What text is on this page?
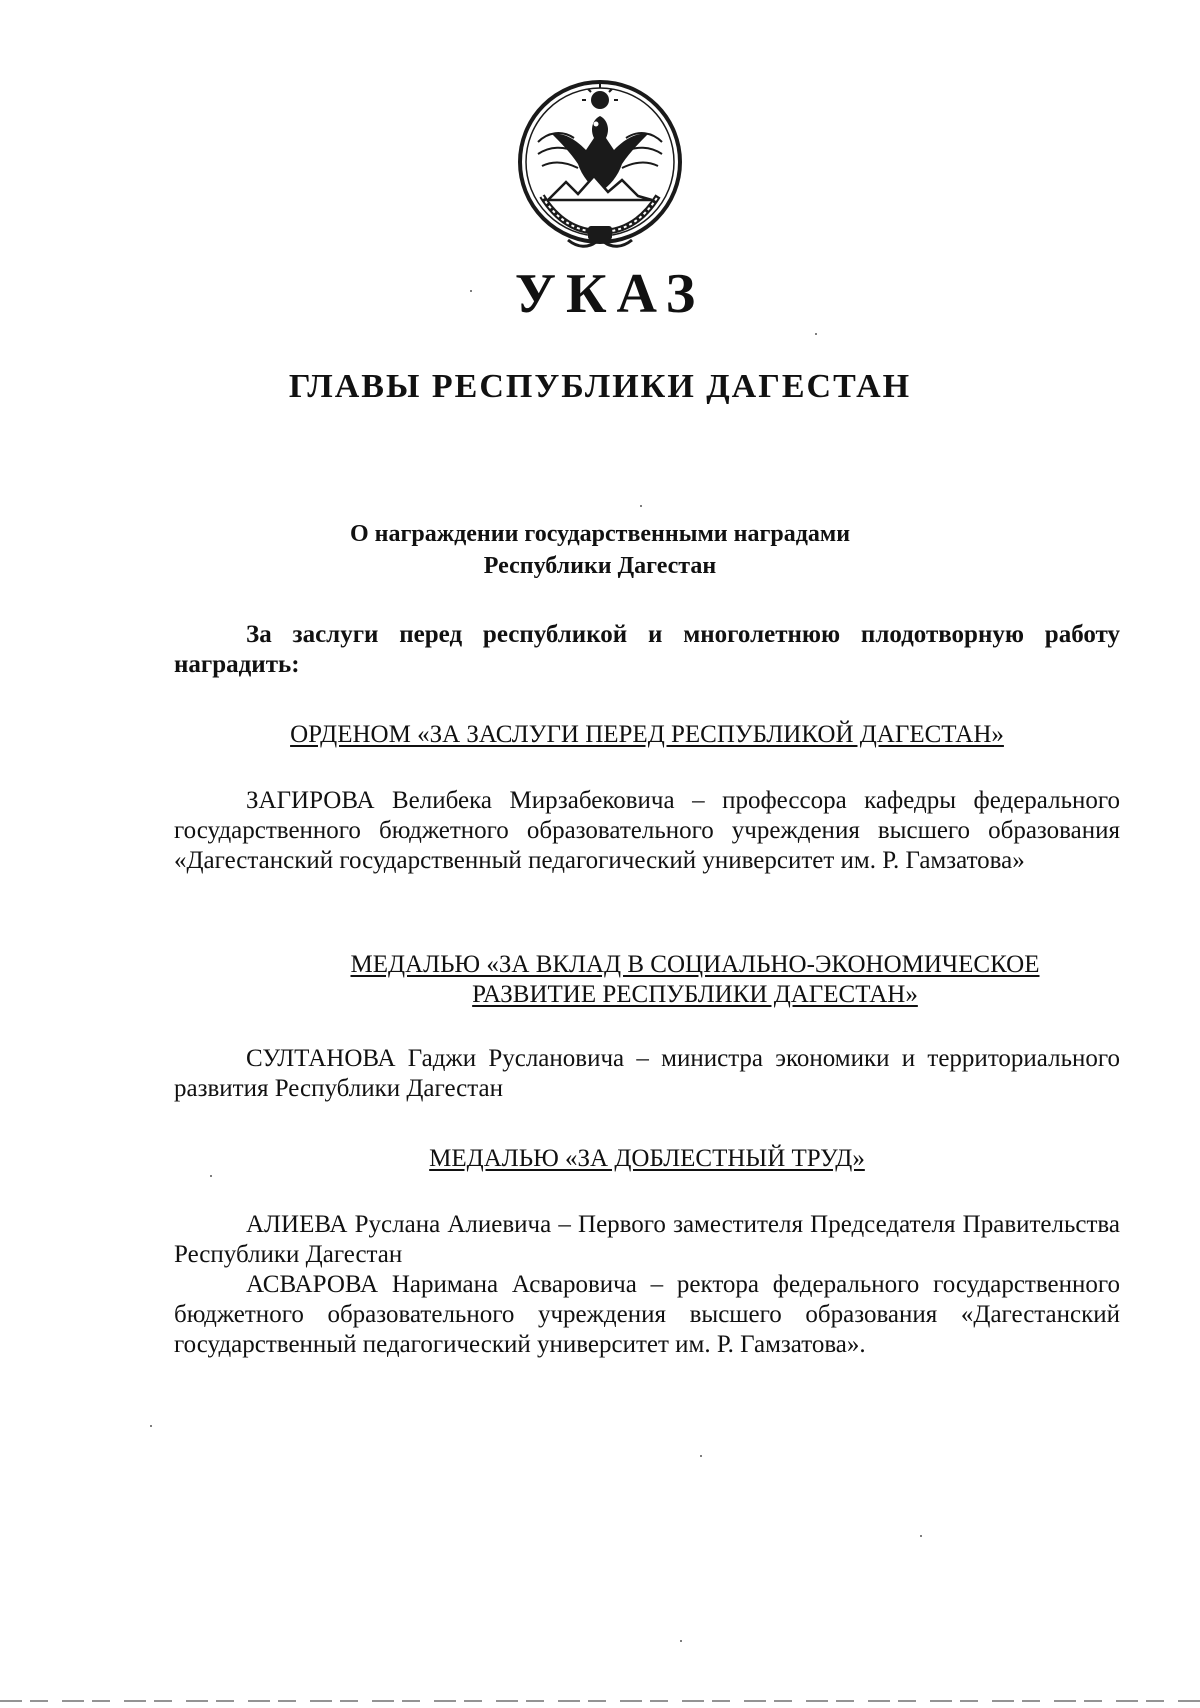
УКАЗ
ГЛАВЫ РЕСПУБЛИКИ ДАГЕСТАН
О награждении государственными наградами
Республики Дагестан
За заслуги перед республикой и многолетнюю плодотворную работу наградить:
ОРДЕНОМ «ЗА ЗАСЛУГИ ПЕРЕД РЕСПУБЛИКОЙ ДАГЕСТАН»
ЗАГИРОВА Велибека Мирзабековича – профессора кафедры федерального государственного бюджетного образовательного учреждения высшего образования «Дагестанский государственный педагогический университет им. Р. Гамзатова»
МЕДАЛЬЮ «ЗА ВКЛАД В СОЦИАЛЬНО-ЭКОНОМИЧЕСКОЕ
РАЗВИТИЕ РЕСПУБЛИКИ ДАГЕСТАН»
СУЛТАНОВА Гаджи Руслановича – министра экономики и территориального развития Республики Дагестан
МЕДАЛЬЮ «ЗА ДОБЛЕСТНЫЙ ТРУД»
АЛИЕВА Руслана Алиевича – Первого заместителя Председателя Правительства Республики Дагестан
АСВАРОВА Наримана Асваровича – ректора федерального государственного бюджетного образовательного учреждения высшего образования «Дагестанский государственный педагогический университет им. Р. Гамзатова».
